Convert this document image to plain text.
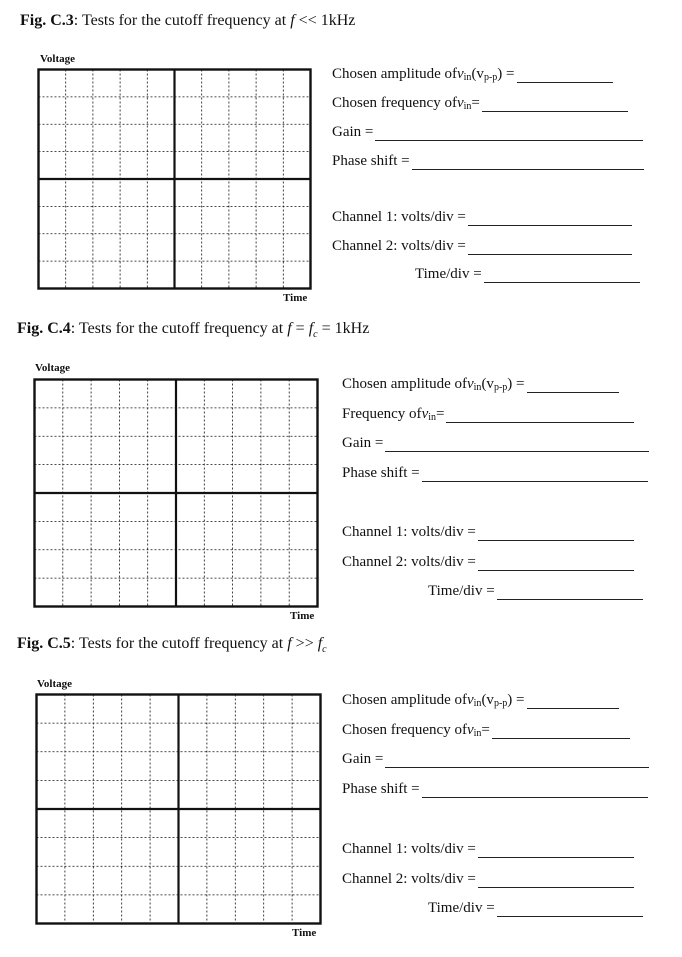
Fig. C.3: Tests for the cutoff frequency at f << 1kHz
Voltage
Time
Chosen amplitude of $v_{in}$ ($v_{p-p}$ ) =
Chosen frequency of $v_{in}$ =
Gain =
Phase shift =
Channel 1: volts/div =
Channel 2: volts/div =
Time/div =
Fig. C.4: Tests for the cutoff frequency at $f = f_c = 1kHz$
Voltage
Time
Chosen amplitude of $v_{in}$ ($v_{p-p}$ ) =
Frequency of $v_{in}$ =
Gain =
Phase shift =
Channel 1: volts/div =
Channel 2: volts/div =
Time/div =
Fig. C.5: Tests for the cutoff frequency at $f >> f_c$
Voltage
Time
Chosen amplitude of $v_{in}$ ($v_{p-p}$ ) =
Chosen frequency of $v_{in}$ =
Gain =
Phase shift =
Channel 1: volts/div =
Channel 2: volts/div =
Time/div =
